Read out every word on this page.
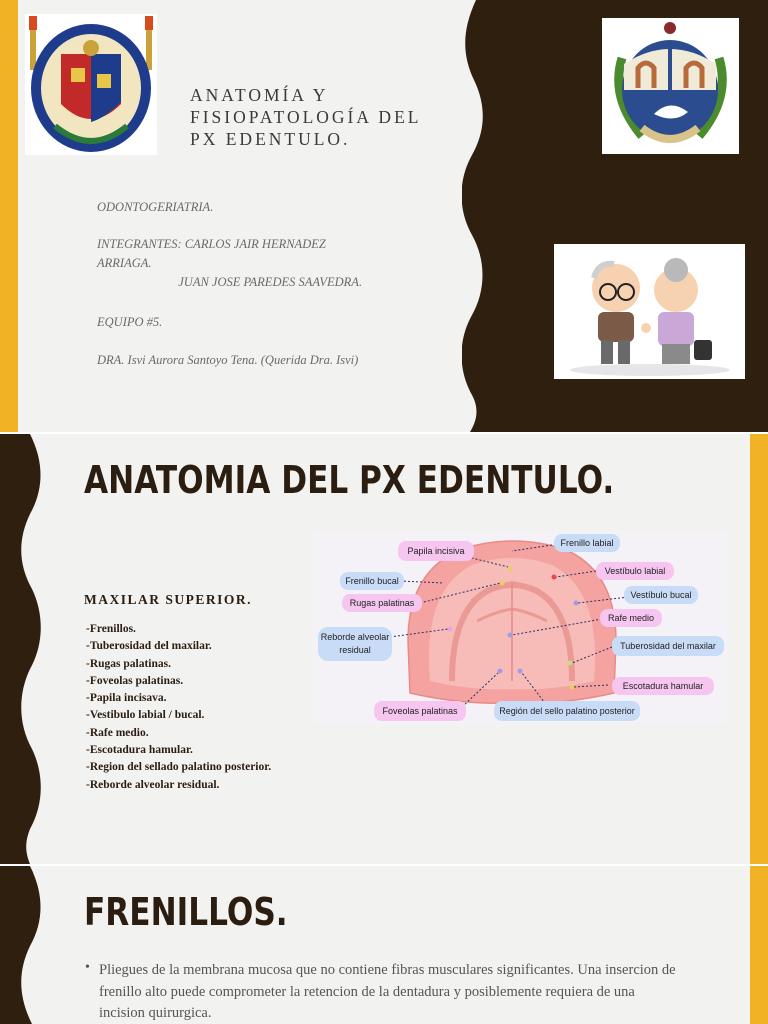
ANATOMÍA Y
FISIOPATOLOGÍA DEL
PX EDENTULO.
ODONTOGERIATRIA.
INTEGRANTES: CARLOS JAIR HERNADEZ
ARRIAGA.
JUAN JOSE PAREDES SAAVEDRA.
EQUIPO #5.
DRA. Isvi Aurora Santoyo Tena. (Querida Dra. Isvi)
ANATOMIA DEL PX EDENTULO.
MAXILAR SUPERIOR.
-Frenillos.
-Tuberosidad del maxilar.
-Rugas palatinas.
-Foveolas palatinas.
-Papila incisava.
-Vestibulo labial / bucal.
-Rafe medio.
-Escotadura hamular.
-Region del sellado palatino posterior.
-Reborde alveolar residual.
Papila incisiva
Frenillo labial
Frenillo bucal
Vestíbulo labial
Rugas palatinas
Vestíbulo bucal
Rafe medio
Reborde alveolar
residual	Tuberosidad del maxilar
Escotadura hamular
Foveolas palatinas	Región del sello palatino posterior
FRENILLOS.
• Pliegues de la membrana mucosa que no contiene fibras musculares significantes. Una insercion de frenillo alto puede comprometer la retencion de la dentadura y posiblemente requiera de una incision quirurgica.
